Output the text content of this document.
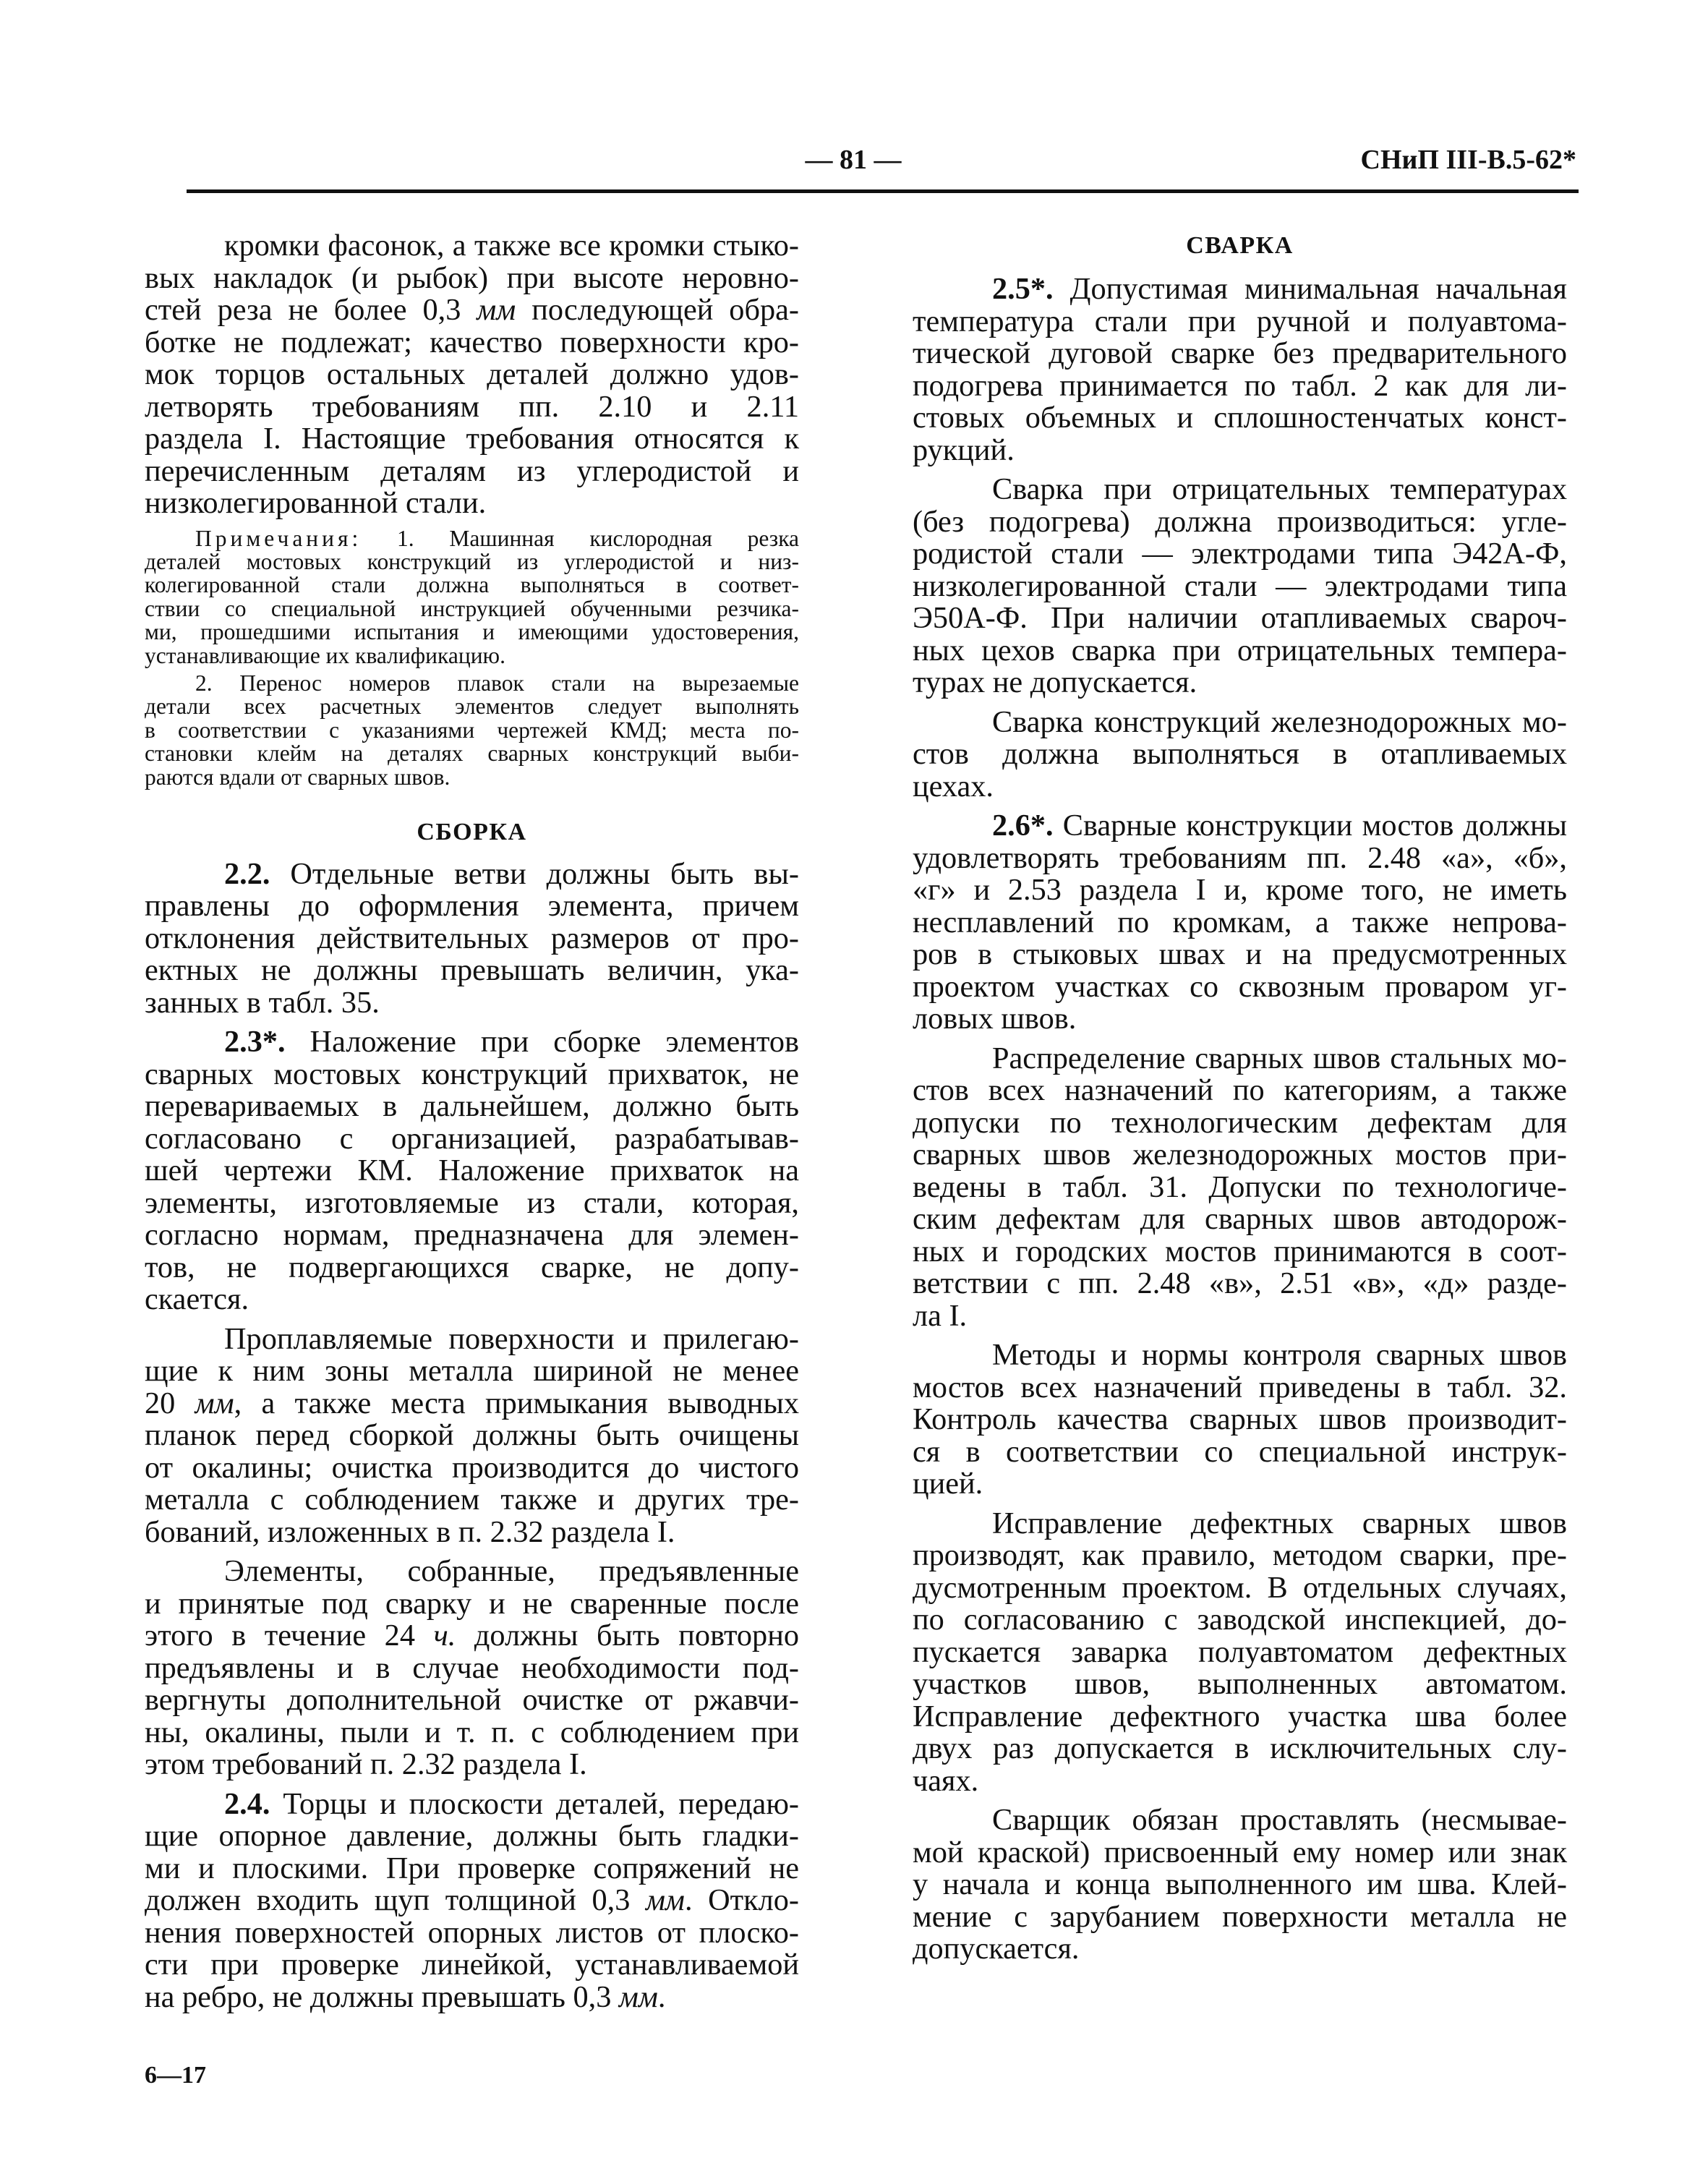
— 81 —	СНиП III-В.5-62*
кромки фасонок, а также все кромки стыко-
вых накладок (и рыбок) при высоте неровно-
стей реза не более 0,3 мм последующей обра-
ботке не подлежат; качество поверхности кро-
мок торцов остальных деталей должно удов-
летворять требованиям пп. 2.10 и 2.11
раздела I. Настоящие требования относятся к
перечисленным деталям из углеродистой и
низколегированной стали.
Примечания: 1. Машинная кислородная резка
деталей мостовых конструкций из углеродистой и низ-
колегированной стали должна выполняться в соответ-
ствии со специальной инструкцией обученными резчика-
ми, прошедшими испытания и имеющими удостоверения,
устанавливающие их квалификацию.
2. Перенос номеров плавок стали на вырезаемые
детали всех расчетных элементов следует выполнять
в соответствии с указаниями чертежей КМД; места по-
становки клейм на деталях сварных конструкций выби-
раются вдали от сварных швов.
СБОРКА
2.2. Отдельные ветви должны быть вы-
правлены до оформления элемента, причем
отклонения действительных размеров от про-
ектных не должны превышать величин, ука-
занных в табл. 35.
2.3*. Наложение при сборке элементов
сварных мостовых конструкций прихваток, не
перевариваемых в дальнейшем, должно быть
согласовано с организацией, разрабатывав-
шей чертежи КМ. Наложение прихваток на
элементы, изготовляемые из стали, которая,
согласно нормам, предназначена для элемен-
тов, не подвергающихся сварке, не допу-
скается.
Проплавляемые поверхности и прилегаю-
щие к ним зоны металла шириной не менее
20 мм, а также места примыкания выводных
планок перед сборкой должны быть очищены
от окалины; очистка производится до чистого
металла с соблюдением также и других тре-
бований, изложенных в п. 2.32 раздела I.
Элементы, собранные, предъявленные
и принятые под сварку и не сваренные после
этого в течение 24 ч. должны быть повторно
предъявлены и в случае необходимости под-
вергнуты дополнительной очистке от ржавчи-
ны, окалины, пыли и т. п. с соблюдением при
этом требований п. 2.32 раздела I.
2.4. Торцы и плоскости деталей, передаю-
щие опорное давление, должны быть гладки-
ми и плоскими. При проверке сопряжений не
должен входить щуп толщиной 0,3 мм. Откло-
нения поверхностей опорных листов от плоско-
сти при проверке линейкой, устанавливаемой
на ребро, не должны превышать 0,3 мм.
6—17
СВАРКА
2.5*. Допустимая минимальная начальная
температура стали при ручной и полуавтома-
тической дуговой сварке без предварительного
подогрева принимается по табл. 2 как для ли-
стовых объемных и сплошностенчатых конст-
рукций.
Сварка при отрицательных температурах
(без подогрева) должна производиться: угле-
родистой стали — электродами типа Э42А-Ф,
низколегированной стали — электродами типа
Э50А-Ф. При наличии отапливаемых свароч-
ных цехов сварка при отрицательных темпера-
турах не допускается.
Сварка конструкций железнодорожных мо-
стов должна выполняться в отапливаемых
цехах.
2.6*. Сварные конструкции мостов должны
удовлетворять требованиям пп. 2.48 «а», «б»,
«г» и 2.53 раздела I и, кроме того, не иметь
несплавлений по кромкам, а также непрова-
ров в стыковых швах и на предусмотренных
проектом участках со сквозным проваром уг-
ловых швов.
Распределение сварных швов стальных мо-
стов всех назначений по категориям, а также
допуски по технологическим дефектам для
сварных швов железнодорожных мостов при-
ведены в табл. 31. Допуски по технологиче-
ским дефектам для сварных швов автодорож-
ных и городских мостов принимаются в соот-
ветствии с пп. 2.48 «в», 2.51 «в», «д» разде-
ла I.
Методы и нормы контроля сварных швов
мостов всех назначений приведены в табл. 32.
Контроль качества сварных швов производит-
ся в соответствии со специальной инструк-
цией.
Исправление дефектных сварных швов
производят, как правило, методом сварки, пре-
дусмотренным проектом. В отдельных случаях,
по согласованию с заводской инспекцией, до-
пускается заварка полуавтоматом дефектных
участков швов, выполненных автоматом.
Исправление дефектного участка шва более
двух раз допускается в исключительных слу-
чаях.
Сварщик обязан проставлять (несмывае-
мой краской) присвоенный ему номер или знак
у начала и конца выполненного им шва. Клей-
мение с зарубанием поверхности металла не
допускается.
